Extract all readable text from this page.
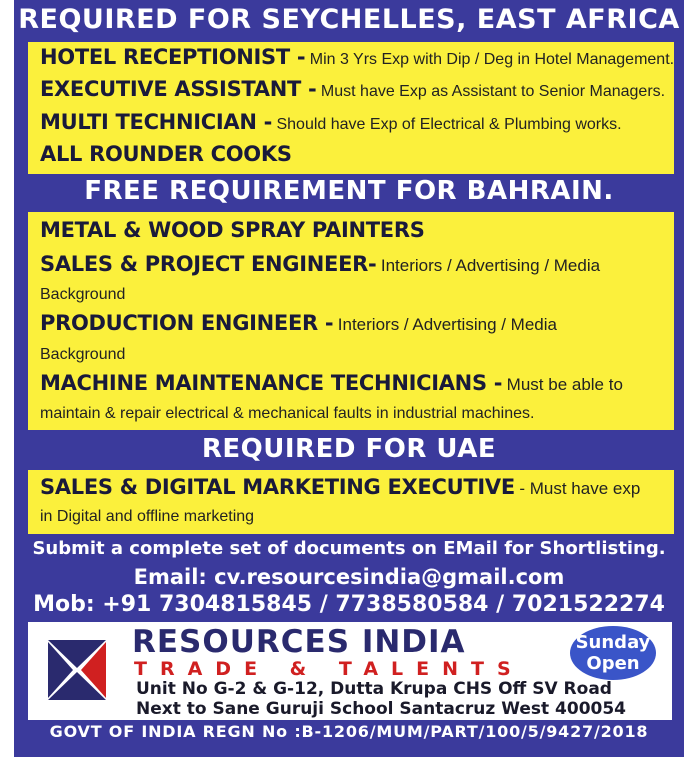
REQUIRED FOR SEYCHELLES, EAST AFRICA
HOTEL RECEPTIONIST - Min 3 Yrs Exp with Dip / Deg in Hotel Management.
EXECUTIVE ASSISTANT - Must have Exp as Assistant to Senior Managers.
MULTI TECHNICIAN - Should have Exp of Electrical & Plumbing works.
ALL ROUNDER COOKS
FREE REQUIREMENT FOR BAHRAIN.
METAL & WOOD SPRAY PAINTERS
SALES & PROJECT ENGINEER- Interiors / Advertising / Media
Background
PRODUCTION ENGINEER - Interiors / Advertising / Media
Background
MACHINE MAINTENANCE TECHNICIANS - Must be able to
maintain & repair electrical & mechanical faults in industrial machines.
REQUIRED FOR UAE
SALES & DIGITAL MARKETING EXECUTIVE - Must have exp
in Digital and offline marketing
Submit a complete set of documents on EMail for Shortlisting.
Email: cv.resourcesindia@gmail.com
Mob: +91 7304815845 / 7738580584 / 7021522274
RESOURCES INDIA
TRADE & TALENTS
Unit No G-2 & G-12, Dutta Krupa CHS Off SV Road
Next to Sane Guruji School Santacruz West 400054
Sunday
Open
GOVT OF INDIA REGN No :B-1206/MUM/PART/100/5/9427/2018
